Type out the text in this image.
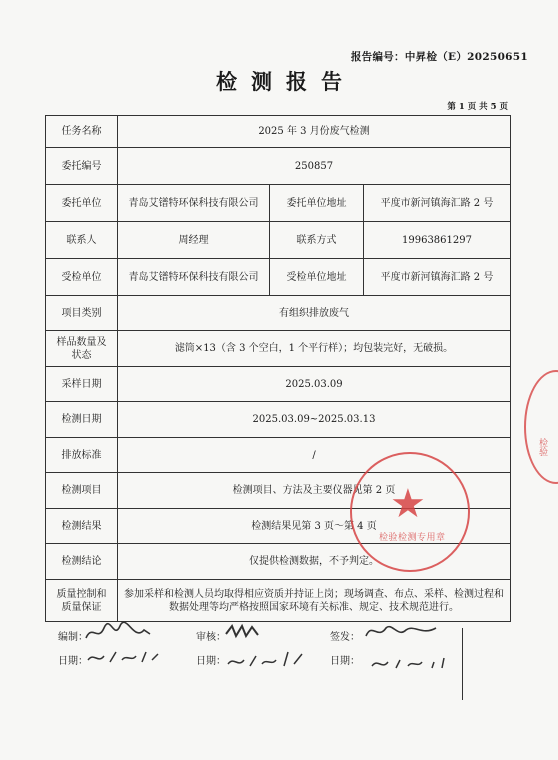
报告编号：中昇检（E）20250651
检测报告
第 1 页 共 5 页
任务名称	2025 年 3 月份废气检测		
委托编号	250857		
委托单位	青岛艾镨特环保科技有限公司	委托单位地址	平度市新河镇海汇路 2 号
联系人	周经理	联系方式	19963861297
受检单位	青岛艾镨特环保科技有限公司	受检单位地址	平度市新河镇海汇路 2 号
项目类别	有组织排放废气		

样品数量及
状态	滤筒×13（含 3 个空白，1 个平行样）；均包装完好，无破损。		
采样日期	2025.03.09		
检测日期	2025.03.09~2025.03.13		
排放标准	/		
检测项目	检测项目、方法及主要仪器见第 2 页		
检测结果	检测结果见第 3 页～第 4 页		
检测结论	仅提供检测数据，不予判定。		

质量控制和
质量保证	参加采样和检测人员均取得相应资质并持证上岗；现场调查、布点、采样、检测过程和数据处理等均严格按照国家环境有关标准、规定、技术规范进行。		
★
检验检测专用章
检验
编制：	审核：	签发：
日期：	日期：	日期：
